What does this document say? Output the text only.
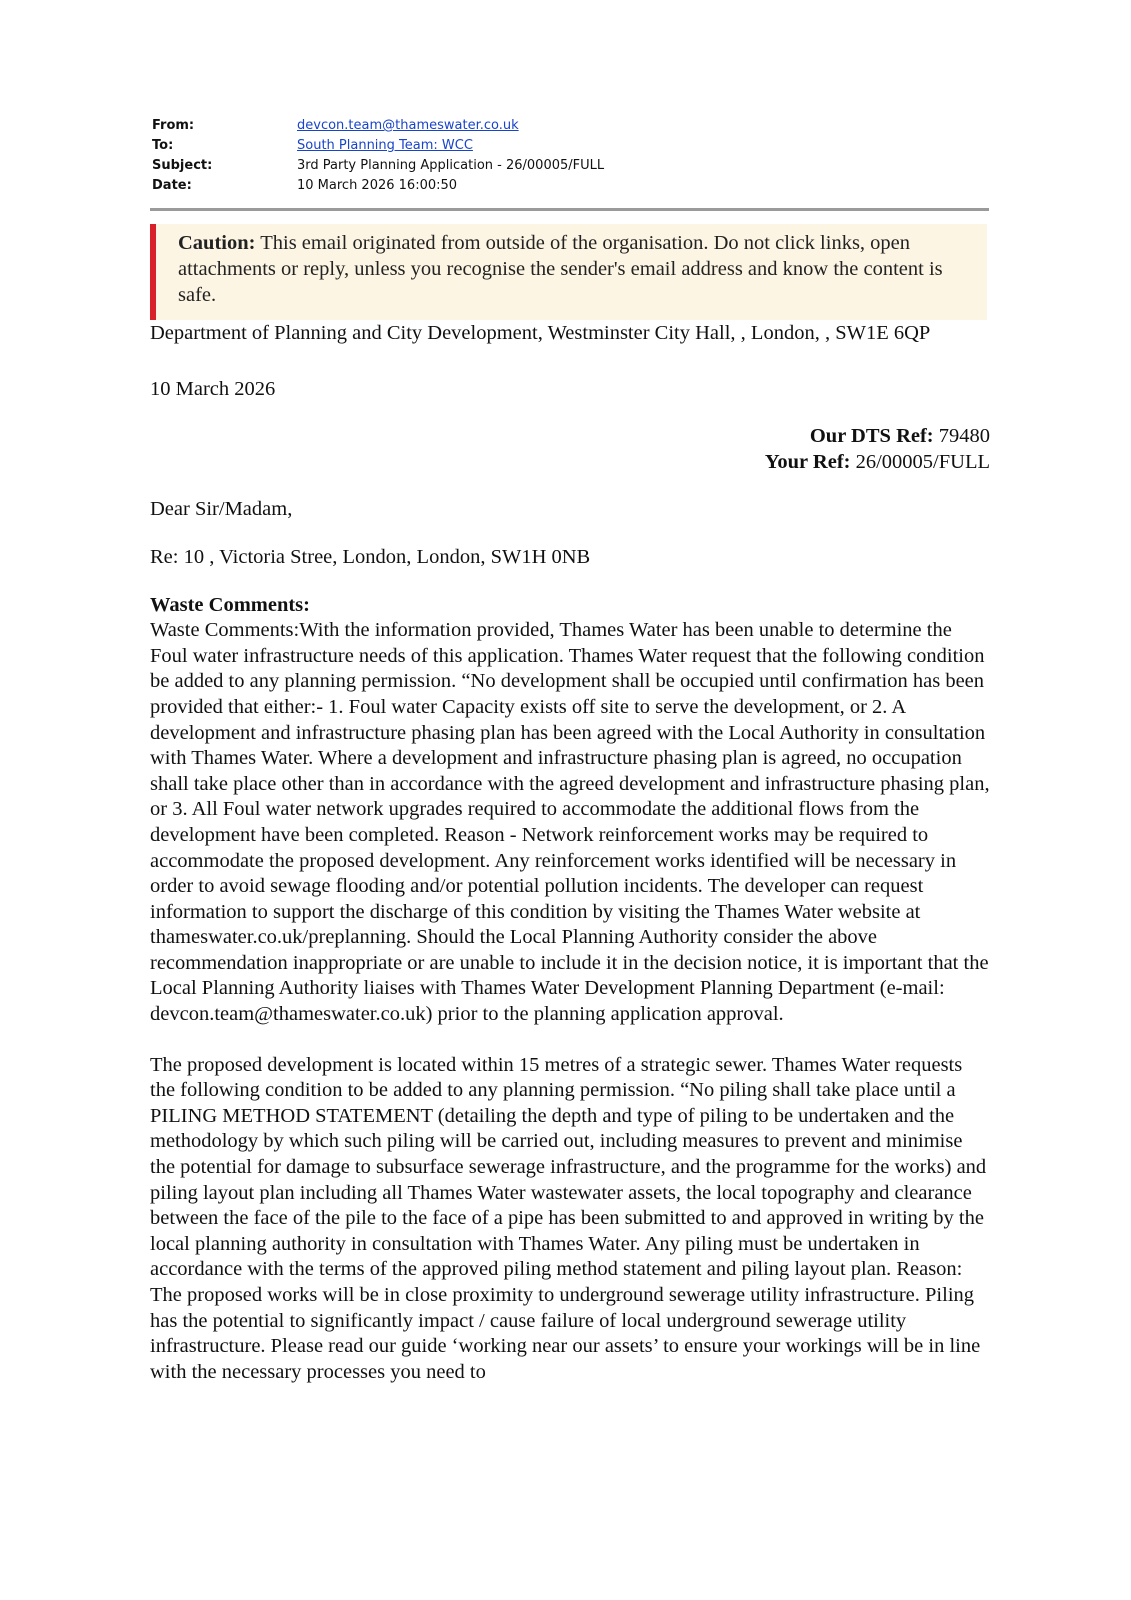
From:	devcon.team@thameswater.co.uk
To:	South Planning Team: WCC
Subject:	3rd Party Planning Application - 26/00005/FULL
Date:	10 March 2026 16:00:50
Caution: This email originated from outside of the organisation. Do not click links, open attachments or reply, unless you recognise the sender's email address and know the content is safe.

Department of Planning and City Development, Westminster City Hall, , London, , SW1E 6QP

10 March 2026

Our DTS Ref: 79480
Your Ref: 26/00005/FULL

Dear Sir/Madam,

Re: 10 , Victoria Stree, London, London, SW1H 0NB

Waste Comments:

Waste Comments:With the information provided, Thames Water has been unable to determine the Foul water infrastructure needs of this application. Thames Water request that the following condition be added to any planning permission. “No development shall be occupied until confirmation has been provided that either:- 1. Foul water Capacity exists off site to serve the development, or 2. A development and infrastructure phasing plan has been agreed with the Local Authority in consultation with Thames Water. Where a development and infrastructure phasing plan is agreed, no occupation shall take place other than in accordance with the agreed development and infrastructure phasing plan, or 3. All Foul water network upgrades required to accommodate the additional flows from the development have been completed. Reason - Network reinforcement works may be required to accommodate the proposed development. Any reinforcement works identified will be necessary in order to avoid sewage flooding and/or potential pollution incidents. The developer can request information to support the discharge of this condition by visiting the Thames Water website at thameswater.co.uk/preplanning. Should the Local Planning Authority consider the above recommendation inappropriate or are unable to include it in the decision notice, it is important that the Local Planning Authority liaises with Thames Water Development Planning Department (e-mail: devcon.team@thameswater.co.uk) prior to the planning application approval.

The proposed development is located within 15 metres of a strategic sewer. Thames Water requests the following condition to be added to any planning permission. “No piling shall take place until a PILING METHOD STATEMENT (detailing the depth and type of piling to be undertaken and the methodology by which such piling will be carried out, including measures to prevent and minimise the potential for damage to subsurface sewerage infrastructure, and the programme for the works) and piling layout plan including all Thames Water wastewater assets, the local topography and clearance between the face of the pile to the face of a pipe has been submitted to and approved in writing by the local planning authority in consultation with Thames Water. Any piling must be undertaken in accordance with the terms of the approved piling method statement and piling layout plan. Reason: The proposed works will be in close proximity to underground sewerage utility infrastructure. Piling has the potential to significantly impact / cause failure of local underground sewerage utility infrastructure. Please read our guide ‘working near our assets’ to ensure your workings will be in line with the necessary processes you need to
